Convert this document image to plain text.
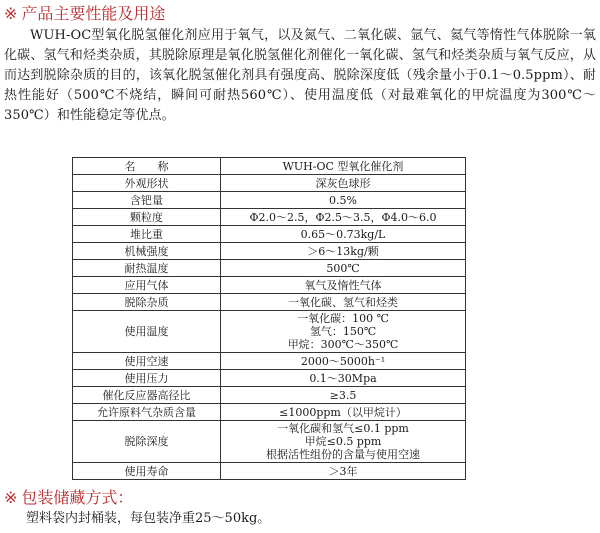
※ 产品主要性能及用途

WUH-OC型氧化脱氢催化剂应用于氧气，以及氮气、二氧化碳、氩气、氦气等惰性气体脱除一氧化碳、氢气和烃类杂质，其脱除原理是氧化脱氢催化剂催化一氧化碳、氢气和烃类杂质与氧气反应，从而达到脱除杂质的目的，该氧化脱氢催化剂具有强度高、脱除深度低（残余量小于0.1～0.5ppm）、耐热性能好（500℃不烧结，瞬间可耐热560℃）、使用温度低（对最难氧化的甲烷温度为300℃～350℃）和性能稳定等优点。

名　　称	WUH-OC 型氧化催化剂
外观形状	深灰色球形

含钯量	0.5%

颗粒度	Φ2.0～2.5，Φ2.5～3.5，Φ4.0～6.0

堆比重	0.65～0.73kg/L

机械强度	＞6～13kg/颗

耐热温度	500℃

应用气体	氧气及惰性气体

脱除杂质	一氧化碳、氢气和烃类

使用温度	一氧化碳：100 ℃
氢气：150℃
甲烷：300℃～350℃

使用空速	2000～5000h⁻¹

使用压力	0.1～30Mpa

催化反应器高径比	≥3.5

允许原料气杂质含量	≤1000ppm（以甲烷计）

脱除深度	一氧化碳和氢气≤0.1 ppm
甲烷≤0.5 ppm
根据活性组份的含量与使用空速

使用寿命	＞3年
※ 包装储藏方式：
塑料袋内封桶装，每包装净重25～50kg。
